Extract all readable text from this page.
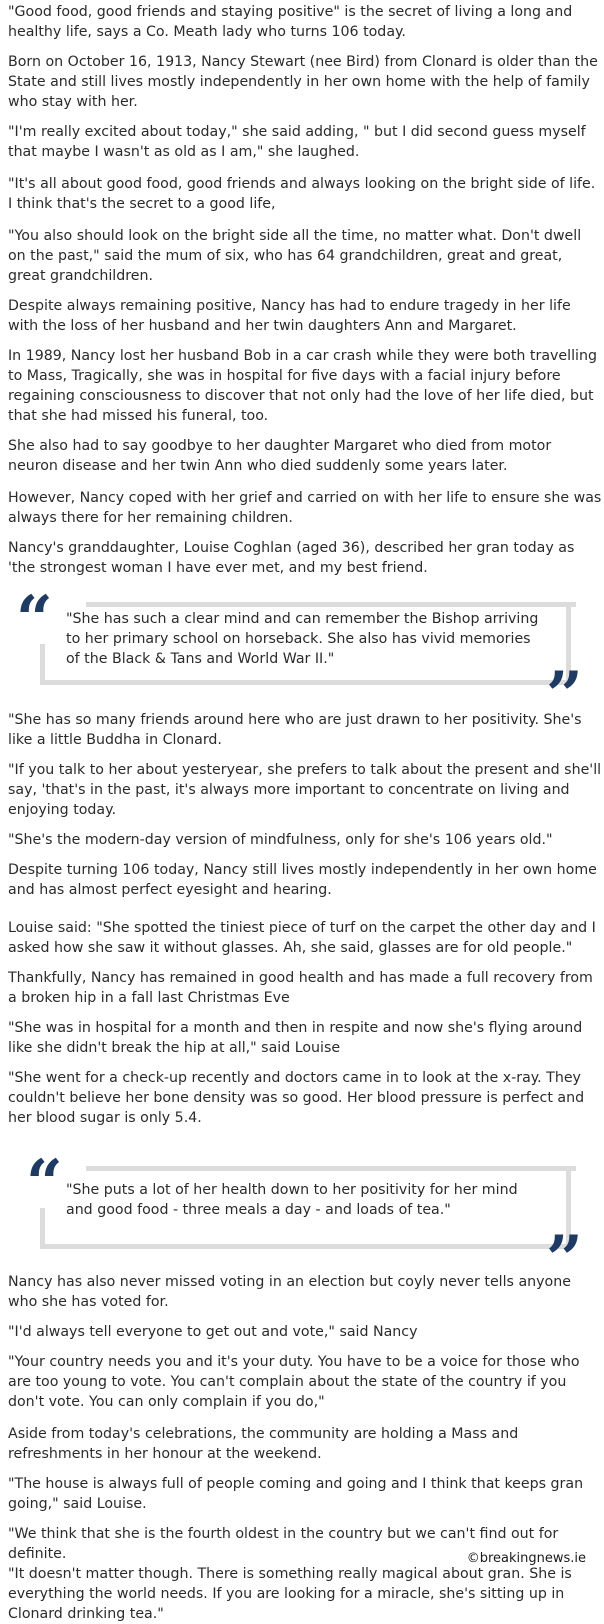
"Good food, good friends and staying positive" is the secret of living a long and healthy life, says a Co. Meath lady who turns 106 today.

Born on October 16, 1913, Nancy Stewart (nee Bird) from Clonard is older than the State and still lives mostly independently in her own home with the help of family who stay with her.

"I'm really excited about today," she said adding, " but I did second guess myself that maybe I wasn't as old as I am," she laughed.

"It's all about good food, good friends and always looking on the bright side of life. I think that's the secret to a good life,

"You also should look on the bright side all the time, no matter what. Don't dwell on the past," said the mum of six, who has 64 grandchildren, great and great, great grandchildren.

Despite always remaining positive, Nancy has had to endure tragedy in her life with the loss of her husband and her twin daughters Ann and Margaret.

In 1989, Nancy lost her husband Bob in a car crash while they were both travelling to Mass, Tragically, she was in hospital for five days with a facial injury before regaining consciousness to discover that not only had the love of her life died, but that she had missed his funeral, too.

She also had to say goodbye to her daughter Margaret who died from motor neuron disease and her twin Ann who died suddenly some years later.

However, Nancy coped with her grief and carried on with her life to ensure she was always there for her remaining children.

Nancy's granddaughter, Louise Coghlan (aged 36), described her gran today as 'the strongest woman I have ever met, and my best friend.

“
”
"She has such a clear mind and can remember the Bishop arriving to her primary school on horseback. She also has vivid memories of the Black & Tans and World War II."

"She has so many friends around here who are just drawn to her positivity. She's like a little Buddha in Clonard.

"If you talk to her about yesteryear, she prefers to talk about the present and she'll say, 'that's in the past, it's always more important to concentrate on living and enjoying today.

"She's the modern-day version of mindfulness, only for she's 106 years old."

Despite turning 106 today, Nancy still lives mostly independently in her own home and has almost perfect eyesight and hearing.

Louise said: "She spotted the tiniest piece of turf on the carpet the other day and I asked how she saw it without glasses. Ah, she said, glasses are for old people."

Thankfully, Nancy has remained in good health and has made a full recovery from a broken hip in a fall last Christmas Eve

"She was in hospital for a month and then in respite and now she's flying around like she didn't break the hip at all," said Louise

"She went for a check-up recently and doctors came in to look at the x-ray. They couldn't believe her bone density was so good. Her blood pressure is perfect and her blood sugar is only 5.4.

“
”
"She puts a lot of her health down to her positivity for her mind and good food - three meals a day - and loads of tea."

Nancy has also never missed voting in an election but coyly never tells anyone who she has voted for.

"I'd always tell everyone to get out and vote," said Nancy

"Your country needs you and it's your duty. You have to be a voice for those who are too young to vote. You can't complain about the state of the country if you don't vote. You can only complain if you do,"

Aside from today's celebrations, the community are holding a Mass and refreshments in her honour at the weekend.

"The house is always full of people coming and going and I think that keeps gran going," said Louise.

"We think that she is the fourth oldest in the country but we can't find out for definite.

"It doesn't matter though. There is something really magical about gran. She is everything the world needs. If you are looking for a miracle, she's sitting up in Clonard drinking tea."

©breakingnews.ie
